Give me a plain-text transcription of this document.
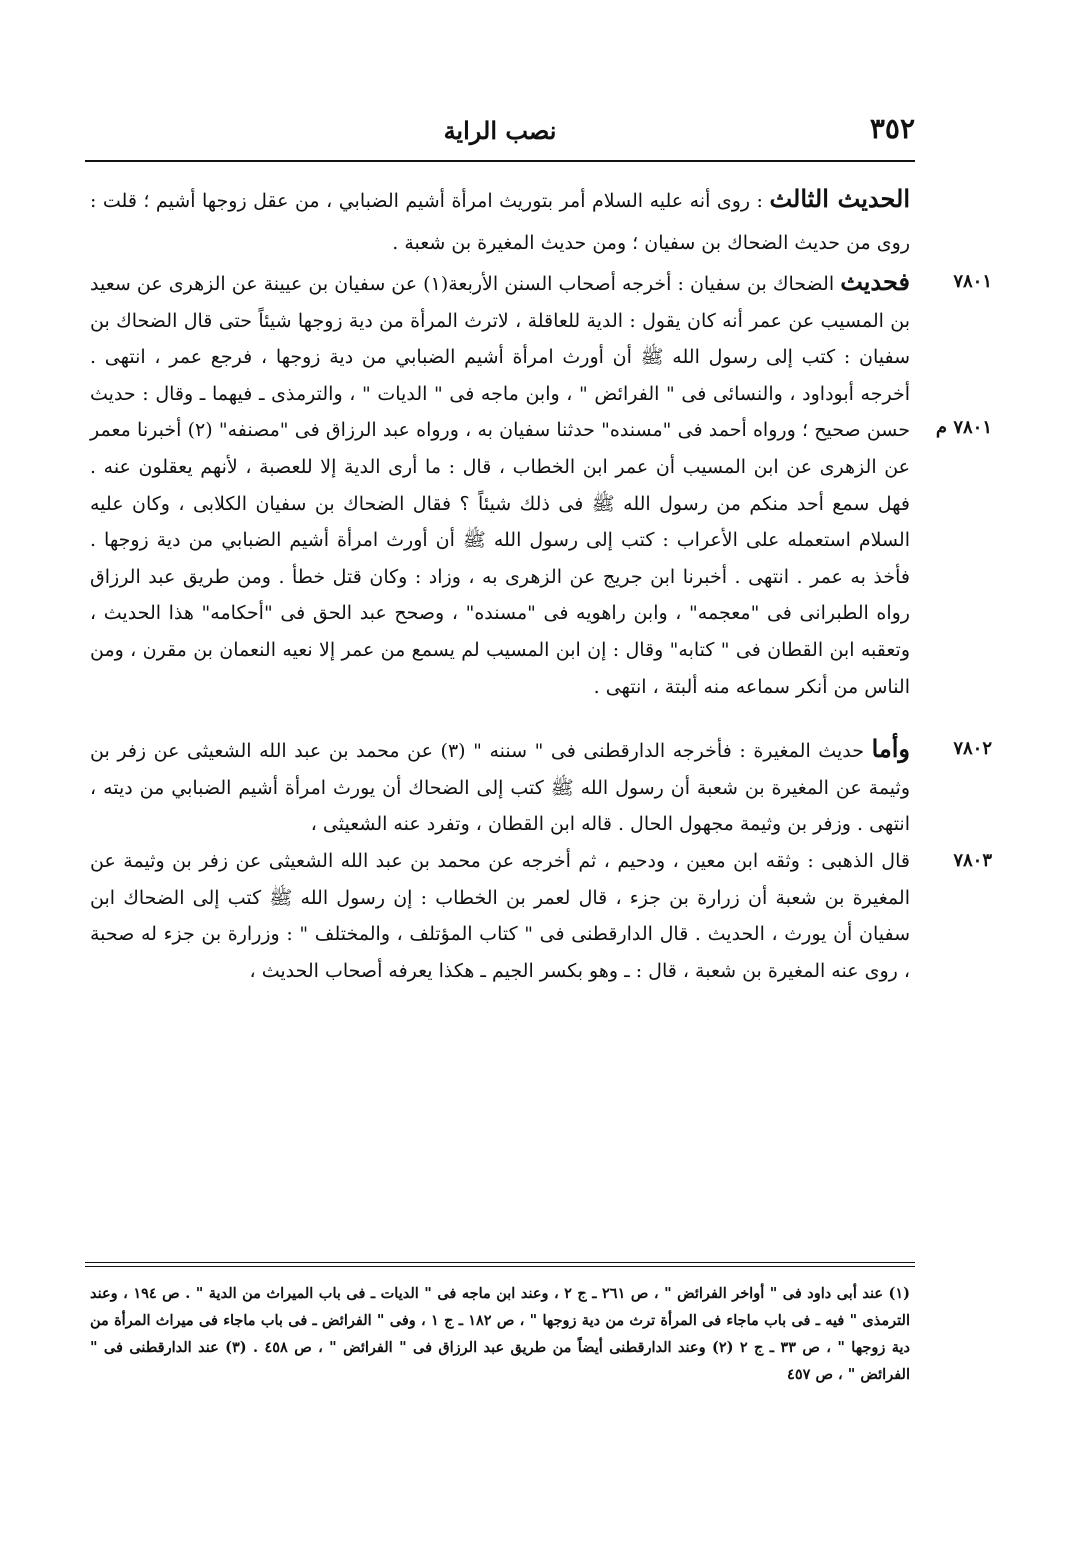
٣٥٢
نصب الراية

الحديث الثالث : روى أنه عليه السلام أمر بتوريث امرأة أشيم الضبابي ، من عقل زوجها أشيم ؛ قلت : روى من حديث الضحاك بن سفيان ؛ ومن حديث المغيرة بن شعبة .

٧٨٠١
٧٨٠١ م
فحديث الضحاك بن سفيان : أخرجه أصحاب السنن الأربعة(١) عن سفيان بن عيينة عن الزهرى عن سعيد بن المسيب عن عمر أنه كان يقول : الدية للعاقلة ، لاترث المرأة من دية زوجها شيئاً حتى قال الضحاك بن سفيان : كتب إلى رسول الله ﷺ أن أورث امرأة أشيم الضبابي من دية زوجها ، فرجع عمر ، انتهى . أخرجه أبوداود ، والنسائى فى " الفرائض " ، وابن ماجه فى " الديات " ، والترمذى ـ فيهما ـ وقال : حديث حسن صحيح ؛ ورواه أحمد فى "مسنده" حدثنا سفيان به ، ورواه عبد الرزاق فى "مصنفه" (٢) أخبرنا معمر عن الزهرى عن ابن المسيب أن عمر ابن الخطاب ، قال : ما أرى الدية إلا للعصبة ، لأنهم يعقلون عنه . فهل سمع أحد منكم من رسول الله ﷺ فى ذلك شيئاً ؟ فقال الضحاك بن سفيان الكلابى ، وكان عليه السلام استعمله على الأعراب : كتب إلى رسول الله ﷺ أن أورث امرأة أشيم الضبابي من دية زوجها . فأخذ به عمر . انتهى . أخبرنا ابن جريج عن الزهرى به ، وزاد : وكان قتل خطأ . ومن طريق عبد الرزاق رواه الطبرانى فى "معجمه" ، وابن راهويه فى "مسنده" ، وصحح عبد الحق فى "أحكامه" هذا الحديث ، وتعقبه ابن القطان فى " كتابه" وقال : إن ابن المسيب لم يسمع من عمر إلا نعيه النعمان بن مقرن ، ومن الناس من أنكر سماعه منه ألبتة ، انتهى .

٧٨٠٢
وأما حديث المغيرة : فأخرجه الدارقطنى فى " سننه " (٣) عن محمد بن عبد الله الشعيثى عن زفر بن وثيمة عن المغيرة بن شعبة أن رسول الله ﷺ كتب إلى الضحاك أن يورث امرأة أشيم الضبابي من ديته ، انتهى . وزفر بن وثيمة مجهول الحال . قاله ابن القطان ، وتفرد عنه الشعيثى ،

٧٨٠٣
قال الذهبى : وثقه ابن معين ، ودحيم ، ثم أخرجه عن محمد بن عبد الله الشعيثى عن زفر بن وثيمة عن المغيرة بن شعبة أن زرارة بن جزء ، قال لعمر بن الخطاب : إن رسول الله ﷺ كتب إلى الضحاك ابن سفيان أن يورث ، الحديث . قال الدارقطنى فى " كتاب المؤتلف ، والمختلف " : وزرارة بن جزء له صحبة ، روى عنه المغيرة بن شعبة ، قال : ـ وهو بكسر الجيم ـ هكذا يعرفه أصحاب الحديث ،

(١) عند أبى داود فى " أواخر الفرائض " ، ص ٢٦١ ـ ج ٢ ، وعند ابن ماجه فى " الديات ـ فى باب الميراث من الدية " . ص ١٩٤ ، وعند الترمذى " فيه ـ فى باب ماجاء فى المرأة ترث من دية زوجها " ، ص ١٨٢ ـ ج ١ ، وفى " الفرائض ـ فى باب ماجاء فى ميراث المرأة من دية زوجها " ، ص ٣٣ ـ ج ٢ (٢) وعند الدارقطنى أيضاً من طريق عبد الرزاق فى " الفرائض " ، ص ٤٥٨ . (٣) عند الدارقطنى فى " الفرائض " ، ص ٤٥٧
